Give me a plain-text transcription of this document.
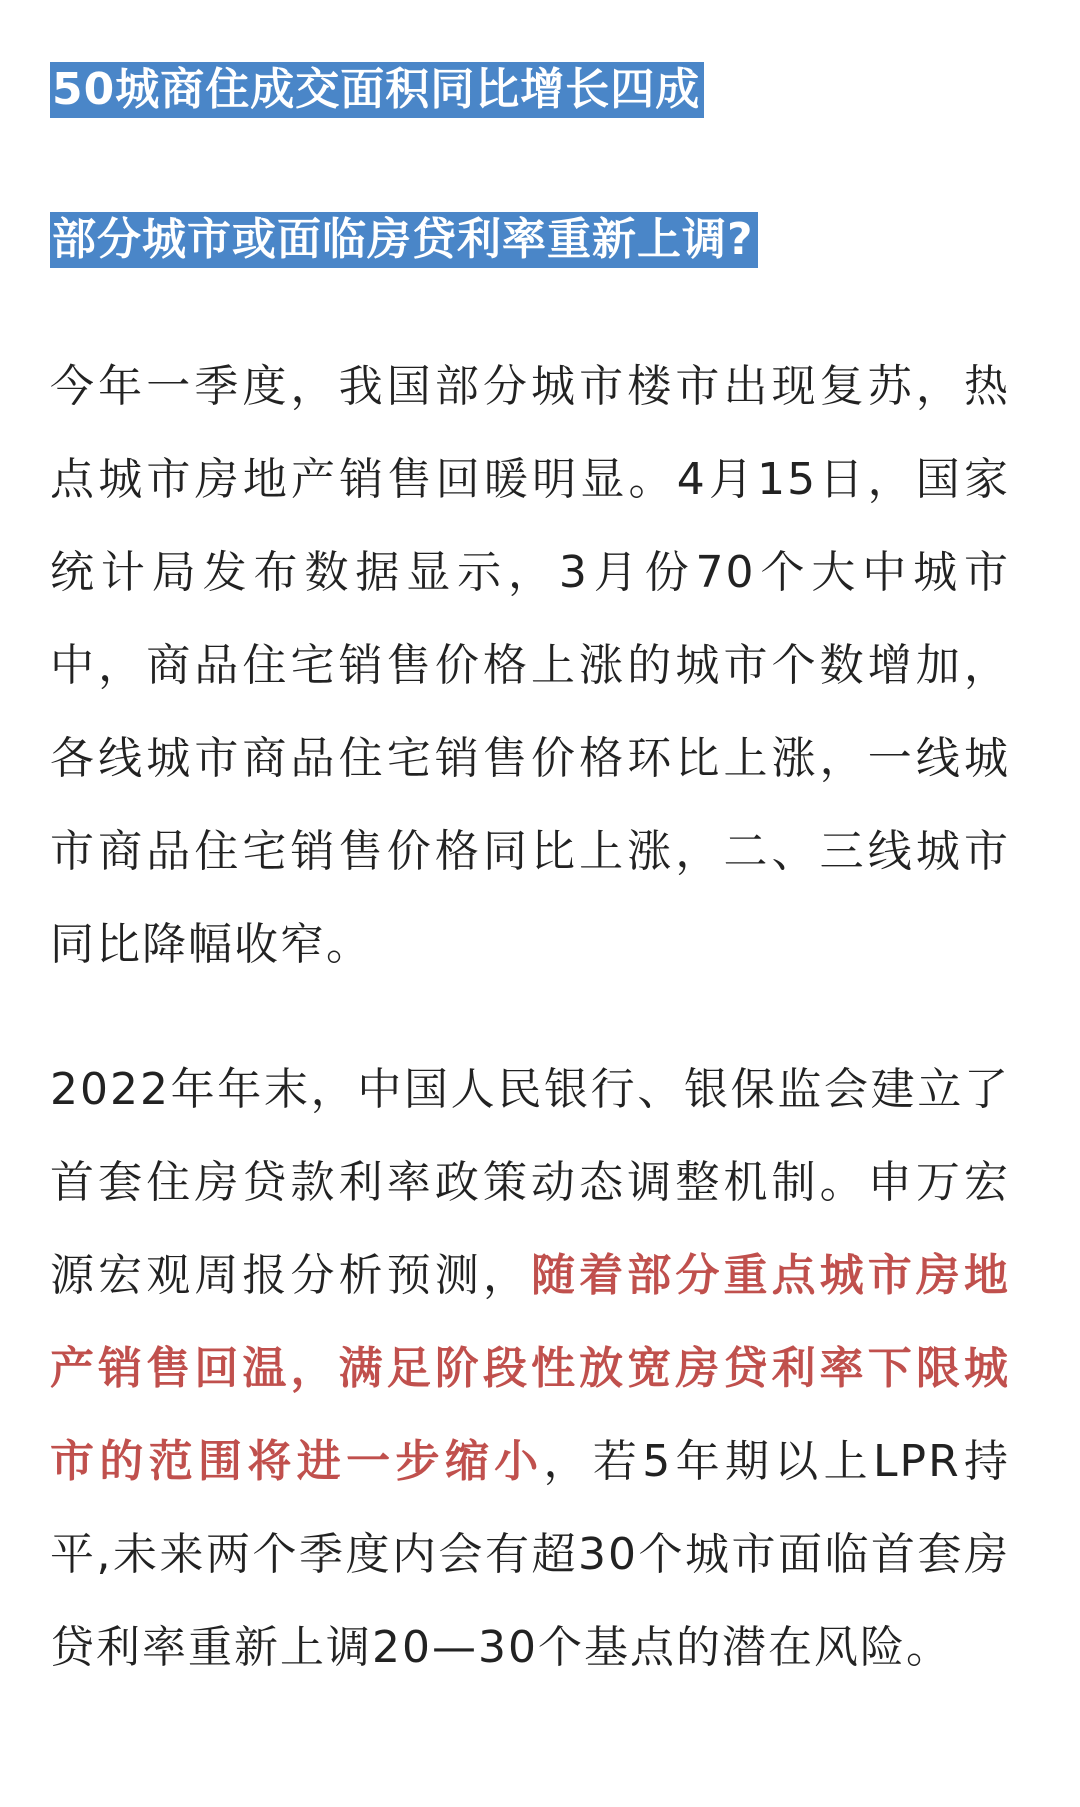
50城商住成交面积同比增长四成
部分城市或面临房贷利率重新上调?

今年一季度，我国部分城市楼市出现复苏，热点城市房地产销售回暖明显。4月15日，国家统计局发布数据显示，3月份70个大中城市中，商品住宅销售价格上涨的城市个数增加，各线城市商品住宅销售价格环比上涨，一线城市商品住宅销售价格同比上涨，二、三线城市同比降幅收窄。

2022年年末，中国人民银行、银保监会建立了首套住房贷款利率政策动态调整机制。申万宏源宏观周报分析预测，随着部分重点城市房地产销售回温，满足阶段性放宽房贷利率下限城市的范围将进一步缩小，若5年期以上LPR持平,未来两个季度内会有超30个城市面临首套房贷利率重新上调20—30个基点的潜在风险。
